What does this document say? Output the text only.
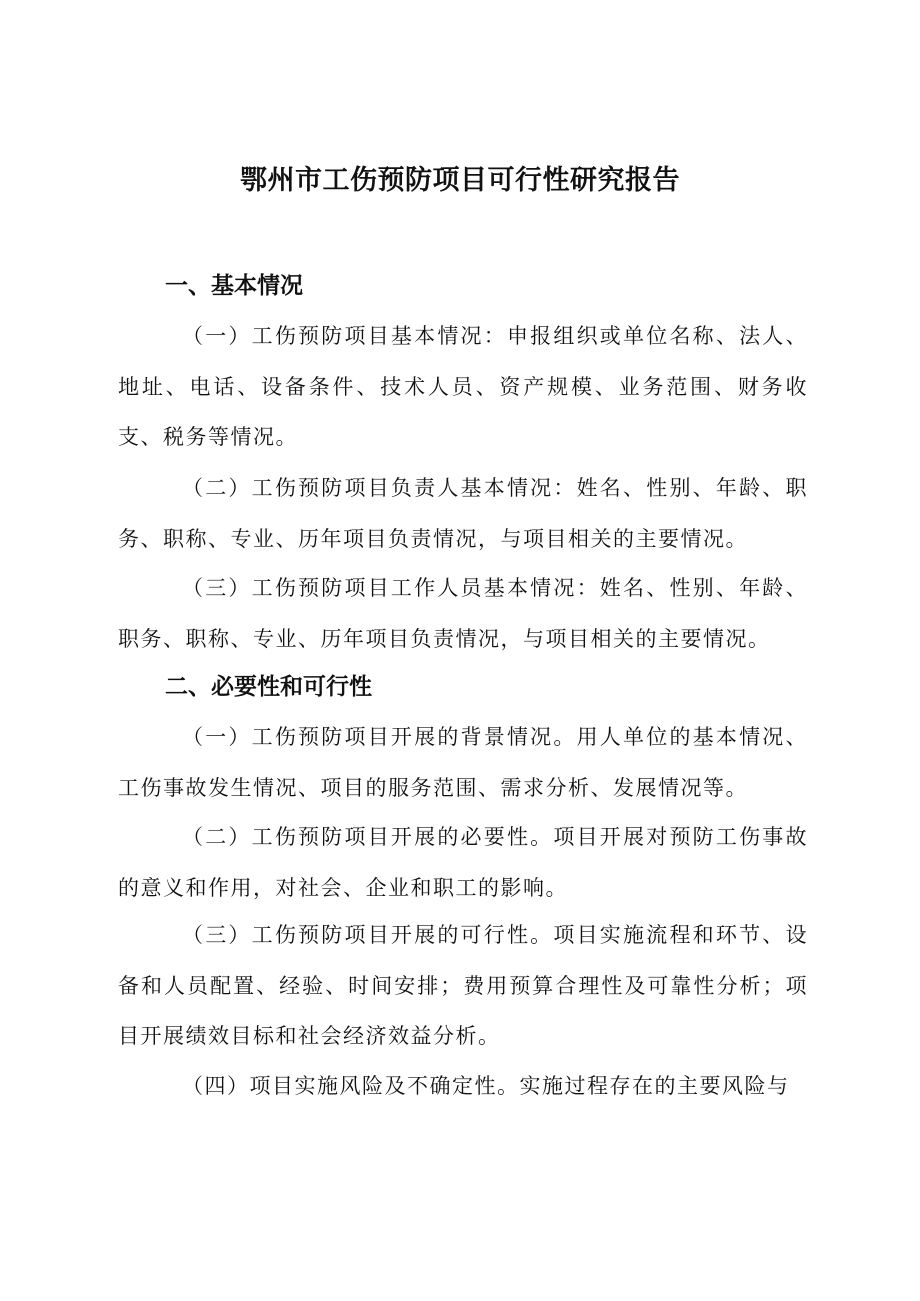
鄂州市工伤预防项目可行性研究报告
一、基本情况

（一）工伤预防项目基本情况：申报组织或单位名称、法人、地址、电话、设备条件、技术人员、资产规模、业务范围、财务收支、税务等情况。

（二）工伤预防项目负责人基本情况：姓名、性别、年龄、职务、职称、专业、历年项目负责情况，与项目相关的主要情况。

（三）工伤预防项目工作人员基本情况：姓名、性别、年龄、职务、职称、专业、历年项目负责情况，与项目相关的主要情况。

二、必要性和可行性

（一）工伤预防项目开展的背景情况。用人单位的基本情况、工伤事故发生情况、项目的服务范围、需求分析、发展情况等。

（二）工伤预防项目开展的必要性。项目开展对预防工伤事故的意义和作用，对社会、企业和职工的影响。

（三）工伤预防项目开展的可行性。项目实施流程和环节、设备和人员配置、经验、时间安排；费用预算合理性及可靠性分析；项目开展绩效目标和社会经济效益分析。

（四）项目实施风险及不确定性。实施过程存在的主要风险与
